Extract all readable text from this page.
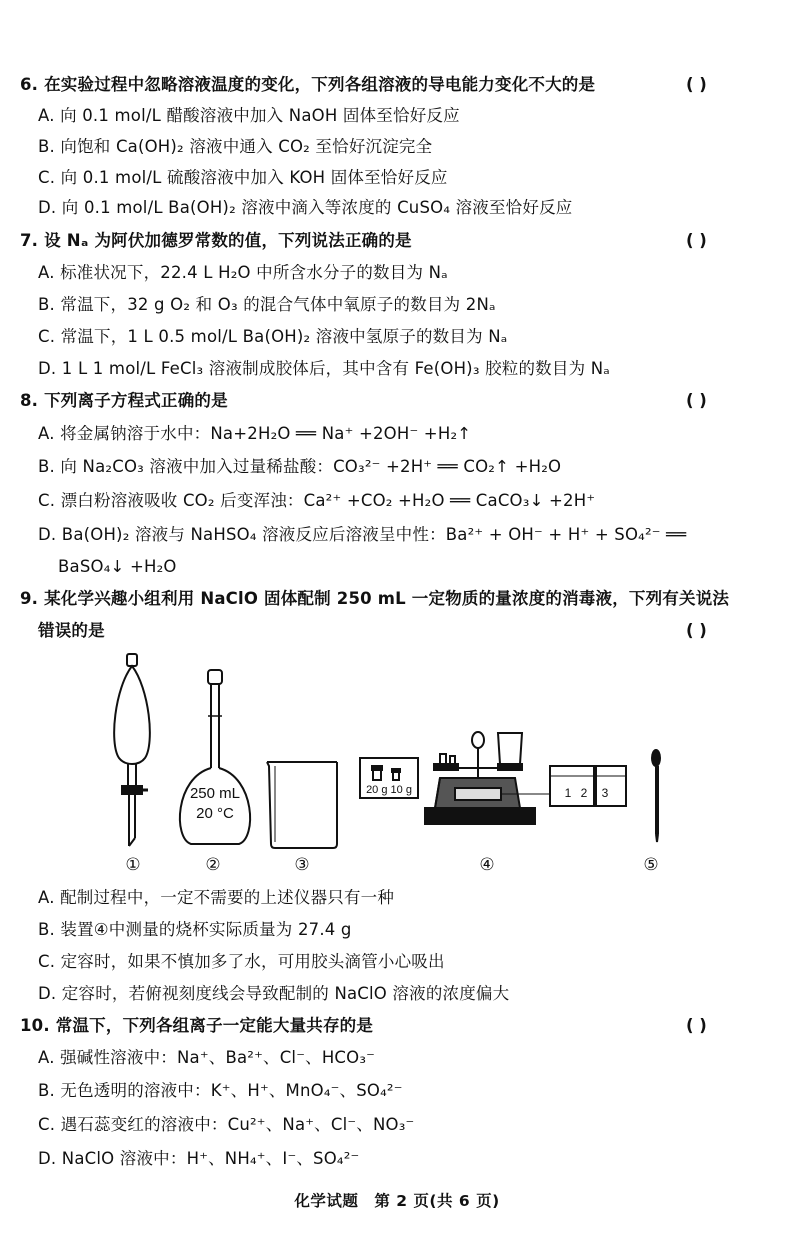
6. 在实验过程中忽略溶液温度的变化，下列各组溶液的导电能力变化不大的是	( )
A. 向 0.1 mol/L 醋酸溶液中加入 NaOH 固体至恰好反应
B. 向饱和 Ca(OH)₂ 溶液中通入 CO₂ 至恰好沉淀完全
C. 向 0.1 mol/L 硫酸溶液中加入 KOH 固体至恰好反应
D. 向 0.1 mol/L Ba(OH)₂ 溶液中滴入等浓度的 CuSO₄ 溶液至恰好反应
7. 设 Nₐ 为阿伏加德罗常数的值，下列说法正确的是	( )
A. 标准状况下，22.4 L H₂O 中所含水分子的数目为 Nₐ
B. 常温下，32 g O₂ 和 O₃ 的混合气体中氧原子的数目为 2Nₐ
C. 常温下，1 L 0.5 mol/L Ba(OH)₂ 溶液中氢原子的数目为 Nₐ
D. 1 L 1 mol/L FeCl₃ 溶液制成胶体后，其中含有 Fe(OH)₃ 胶粒的数目为 Nₐ
8. 下列离子方程式正确的是	( )
A. 将金属钠溶于水中：Na+2H₂O ══ Na⁺ +2OH⁻ +H₂↑
B. 向 Na₂CO₃ 溶液中加入过量稀盐酸：CO₃²⁻ +2H⁺ ══ CO₂↑ +H₂O
C. 漂白粉溶液吸收 CO₂ 后变浑浊：Ca²⁺ +CO₂ +H₂O ══ CaCO₃↓ +2H⁺
D. Ba(OH)₂ 溶液与 NaHSO₄ 溶液反应后溶液呈中性：Ba²⁺ + OH⁻ + H⁺ + SO₄²⁻ ══
BaSO₄↓ +H₂O
9. 某化学兴趣小组利用 NaClO 固体配制 250 mL 一定物质的量浓度的消毒液，下列有关说法
错误的是	( )
250 mL
20 °C
20 g 10 g	1 2 3
①	②	③	④	⑤
A. 配制过程中，一定不需要的上述仪器只有一种
B. 装置④中测量的烧杯实际质量为 27.4 g
C. 定容时，如果不慎加多了水，可用胶头滴管小心吸出
D. 定容时，若俯视刻度线会导致配制的 NaClO 溶液的浓度偏大
10. 常温下，下列各组离子一定能大量共存的是	( )
A. 强碱性溶液中：Na⁺、Ba²⁺、Cl⁻、HCO₃⁻
B. 无色透明的溶液中：K⁺、H⁺、MnO₄⁻、SO₄²⁻
C. 遇石蕊变红的溶液中：Cu²⁺、Na⁺、Cl⁻、NO₃⁻
D. NaClO 溶液中：H⁺、NH₄⁺、I⁻、SO₄²⁻
化学试题　第 2 页(共 6 页)
